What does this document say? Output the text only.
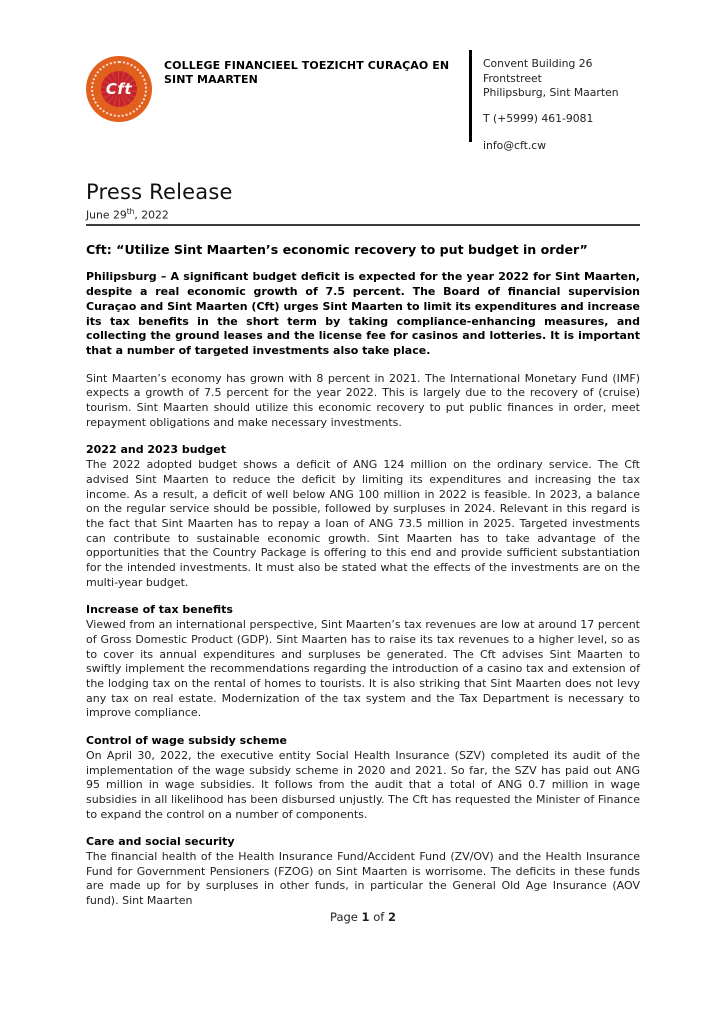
Cft
COLLEGE FINANCIEEL TOEZICHT CURAÇAO EN SINT MAARTEN

Convent Building 26 Frontstreet

Philipsburg, Sint Maarten

T (+5999) 461-9081

info@cft.cw

Press Release
June 29th, 2022
Cft: “Utilize Sint Maarten’s economic recovery to put budget in order”

Philipsburg – A significant budget deficit is expected for the year 2022 for Sint Maarten, despite a real economic growth of 7.5 percent. The Board of financial supervision Curaçao and Sint Maarten (Cft) urges Sint Maarten to limit its expenditures and increase its tax benefits in the short term by taking compliance-enhancing measures, and collecting the ground leases and the license fee for casinos and lotteries. It is important that a number of targeted investments also take place.

Sint Maarten’s economy has grown with 8 percent in 2021. The International Monetary Fund (IMF) expects a growth of 7.5 percent for the year 2022. This is largely due to the recovery of (cruise) tourism. Sint Maarten should utilize this economic recovery to put public finances in order, meet repayment obligations and make necessary investments.

2022 and 2023 budget
The 2022 adopted budget shows a deficit of ANG 124 million on the ordinary service. The Cft advised Sint Maarten to reduce the deficit by limiting its expenditures and increasing the tax income. As a result, a deficit of well below ANG 100 million in 2022 is feasible. In 2023, a balance on the regular service should be possible, followed by surpluses in 2024. Relevant in this regard is the fact that Sint Maarten has to repay a loan of ANG 73.5 million in 2025. Targeted investments can contribute to sustainable economic growth. Sint Maarten has to take advantage of the opportunities that the Country Package is offering to this end and provide sufficient substantiation for the intended investments. It must also be stated what the effects of the investments are on the multi-year budget.
Increase of tax benefits
Viewed from an international perspective, Sint Maarten’s tax revenues are low at around 17 percent of Gross Domestic Product (GDP). Sint Maarten has to raise its tax revenues to a higher level, so as to cover its annual expenditures and surpluses be generated. The Cft advises Sint Maarten to swiftly implement the recommendations regarding the introduction of a casino tax and extension of the lodging tax on the rental of homes to tourists. It is also striking that Sint Maarten does not levy any tax on real estate. Modernization of the tax system and the Tax Department is necessary to improve compliance.
Control of wage subsidy scheme
On April 30, 2022, the executive entity Social Health Insurance (SZV) completed its audit of the implementation of the wage subsidy scheme in 2020 and 2021. So far, the SZV has paid out ANG 95 million in wage subsidies. It follows from the audit that a total of ANG 0.7 million in wage subsidies in all likelihood has been disbursed unjustly. The Cft has requested the Minister of Finance to expand the control on a number of components.
Care and social security
The financial health of the Health Insurance Fund/Accident Fund (ZV/OV) and the Health Insurance Fund for Government Pensioners (FZOG) on Sint Maarten is worrisome. The deficits in these funds are made up for by surpluses in other funds, in particular the General Old Age Insurance (AOV fund). Sint Maarten
Page 1 of 2
